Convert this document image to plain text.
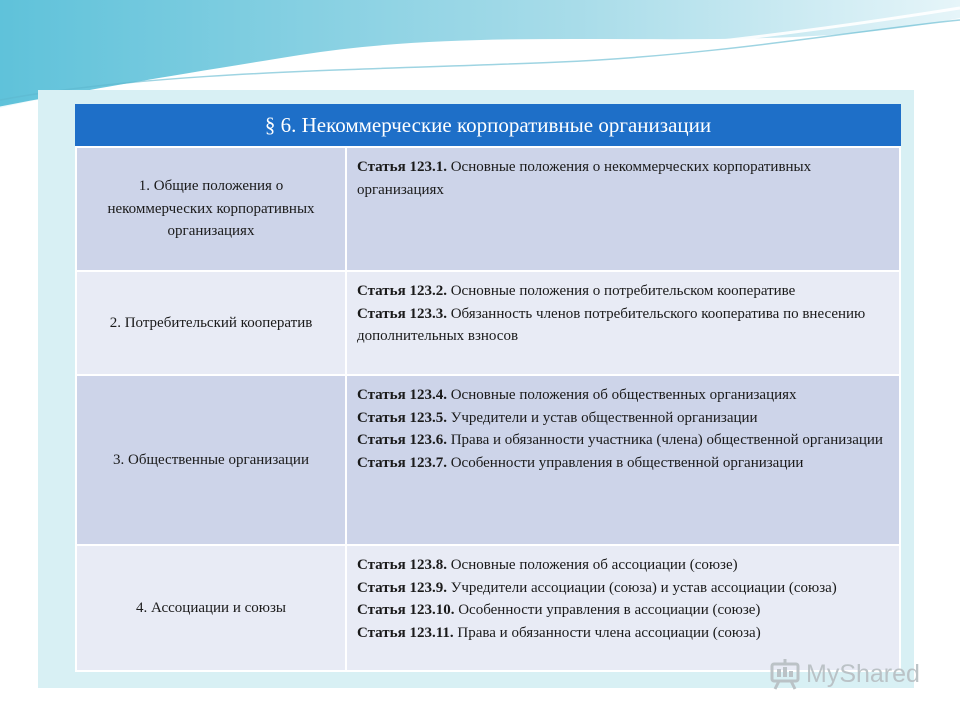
§ 6. Некоммерческие корпоративные организации
1. Общие положения о некоммерческих корпоративных организациях	Статья 123.1. Основные положения о некоммерческих корпоративных организациях

2. Потребительский кооператив	Статья 123.2. Основные положения о потребительском кооперативе
Статья 123.3. Обязанность членов потребительского кооператива по внесению дополнительных взносов

3. Общественные организации	Статья 123.4. Основные положения об общественных организациях
Статья 123.5. Учредители и устав общественной организации
Статья 123.6. Права и обязанности участника (члена) общественной организации
Статья 123.7. Особенности управления в общественной организации

4. Ассоциации и союзы	Статья 123.8. Основные положения об ассоциации (союзе)
Статья 123.9. Учредители ассоциации (союза) и устав ассоциации (союза)
Статья 123.10. Особенности управления в ассоциации (союзе)
Статья 123.11. Права и обязанности члена ассоциации (союза)
MyShared
